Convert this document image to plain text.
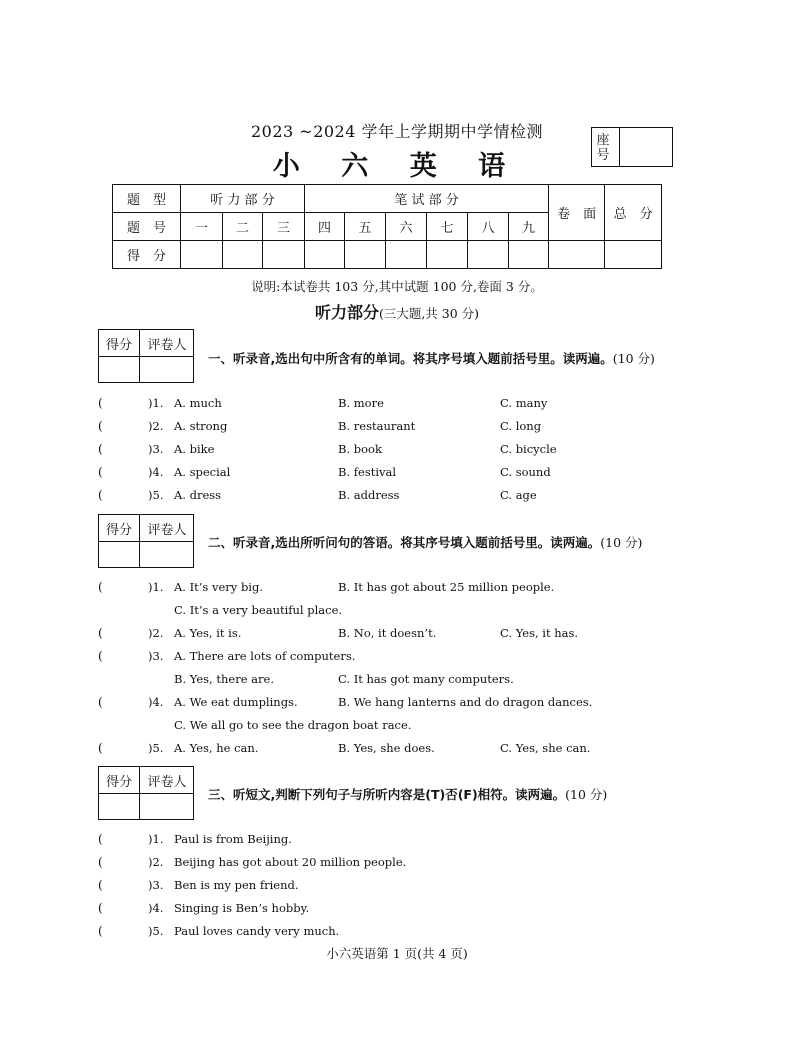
2023 ~2024 学年上学期期中学情检测
小 六 英 语
座号
题　型	听 力 部 分			笔 试 部 分						卷　面	总　分
题　号	一	二	三	四	五	六	七	八	九		
得　分											
说明:本试卷共 103 分,其中试题 100 分,卷面 3 分。
听力部分(三大题,共 30 分)
得分	评卷人
一、听录音,选出句中所含有的单词。将其序号填入题前括号里。读两遍。(10 分)
(	)1. A. much	B. more	C. many
(	)2. A. strong	B. restaurant	C. long
(	)3. A. bike	B. book	C. bicycle
(	)4. A. special	B. festival	C. sound
(	)5. A. dress	B. address	C. age
得分	评卷人
二、听录音,选出所听问句的答语。将其序号填入题前括号里。读两遍。(10 分)
(	)1. A. It’s very big.	B. It has got about 25 million people.
C. It’s a very beautiful place.
(	)2. A. Yes, it is.	B. No, it doesn’t.	C. Yes, it has.
(	)3. A. There are lots of computers.
B. Yes, there are.	C. It has got many computers.
(	)4. A. We eat dumplings.	B. We hang lanterns and do dragon dances.
C. We all go to see the dragon boat race.
(	)5. A. Yes, he can.	B. Yes, she does.	C. Yes, she can.
得分	评卷人
三、听短文,判断下列句子与所听内容是(T)否(F)相符。读两遍。(10 分)
(	)1. Paul is from Beijing.
(	)2. Beijing has got about 20 million people.
(	)3. Ben is my pen friend.
(	)4. Singing is Ben’s hobby.
(	)5. Paul loves candy very much.
小六英语第 1 页(共 4 页)
